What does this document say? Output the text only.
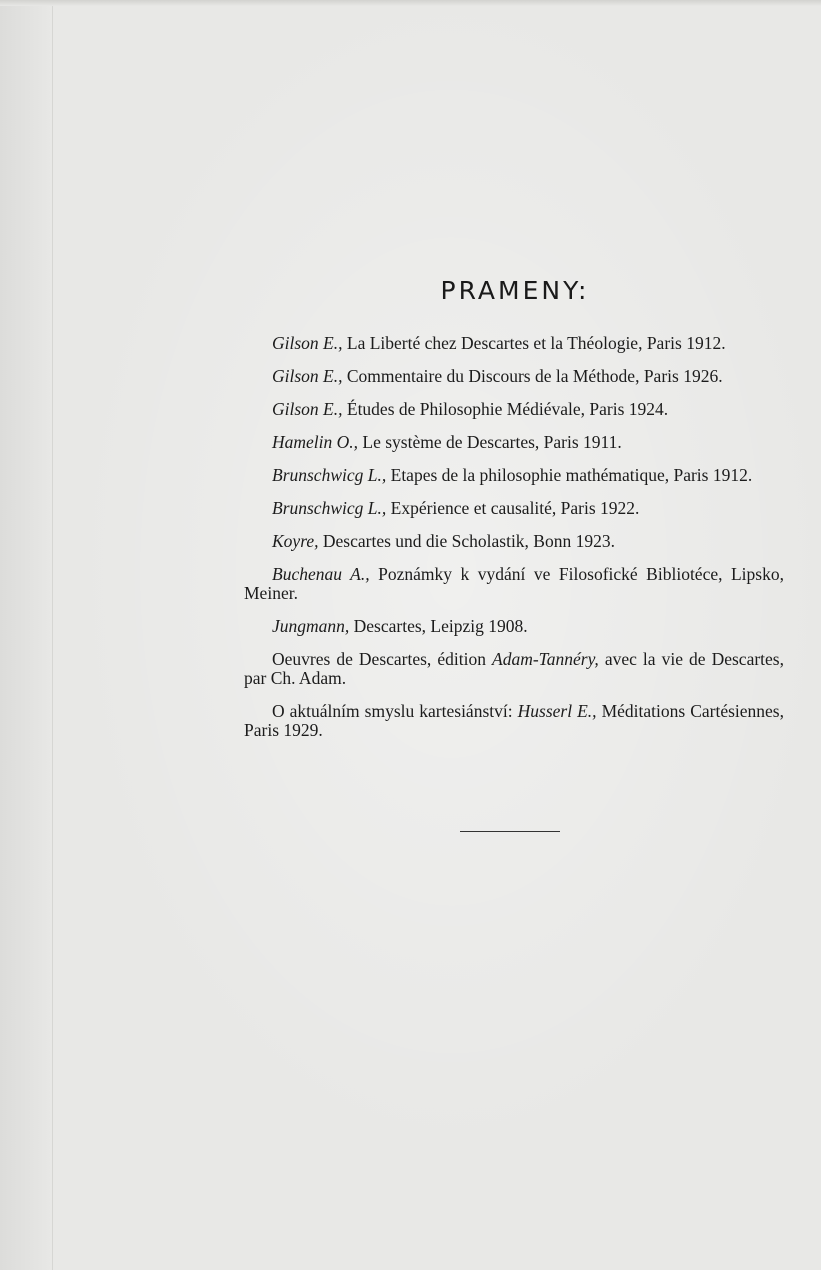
PRAMENY:

Gilson E., La Liberté chez Descartes et la Théologie, Paris 1912.

Gilson E., Commentaire du Discours de la Méthode, Paris 1926.

Gilson E., Études de Philosophie Médiévale, Paris 1924.

Hamelin O., Le système de Descartes, Paris 1911.

Brunschwicg L., Etapes de la philosophie mathématique, Paris 1912.

Brunschwicg L., Expérience et causalité, Paris 1922.

Koyre, Descartes und die Scholastik, Bonn 1923.

Buchenau A., Poznámky k vydání ve Filosofické Bibliotéce, Lipsko, Meiner.

Jungmann, Descartes, Leipzig 1908.

Oeuvres de Descartes, édition Adam-Tannéry, avec la vie de Descartes, par Ch. Adam.

O aktuálním smyslu kartesiánství: Husserl E., Méditations Cartésiennes, Paris 1929.
